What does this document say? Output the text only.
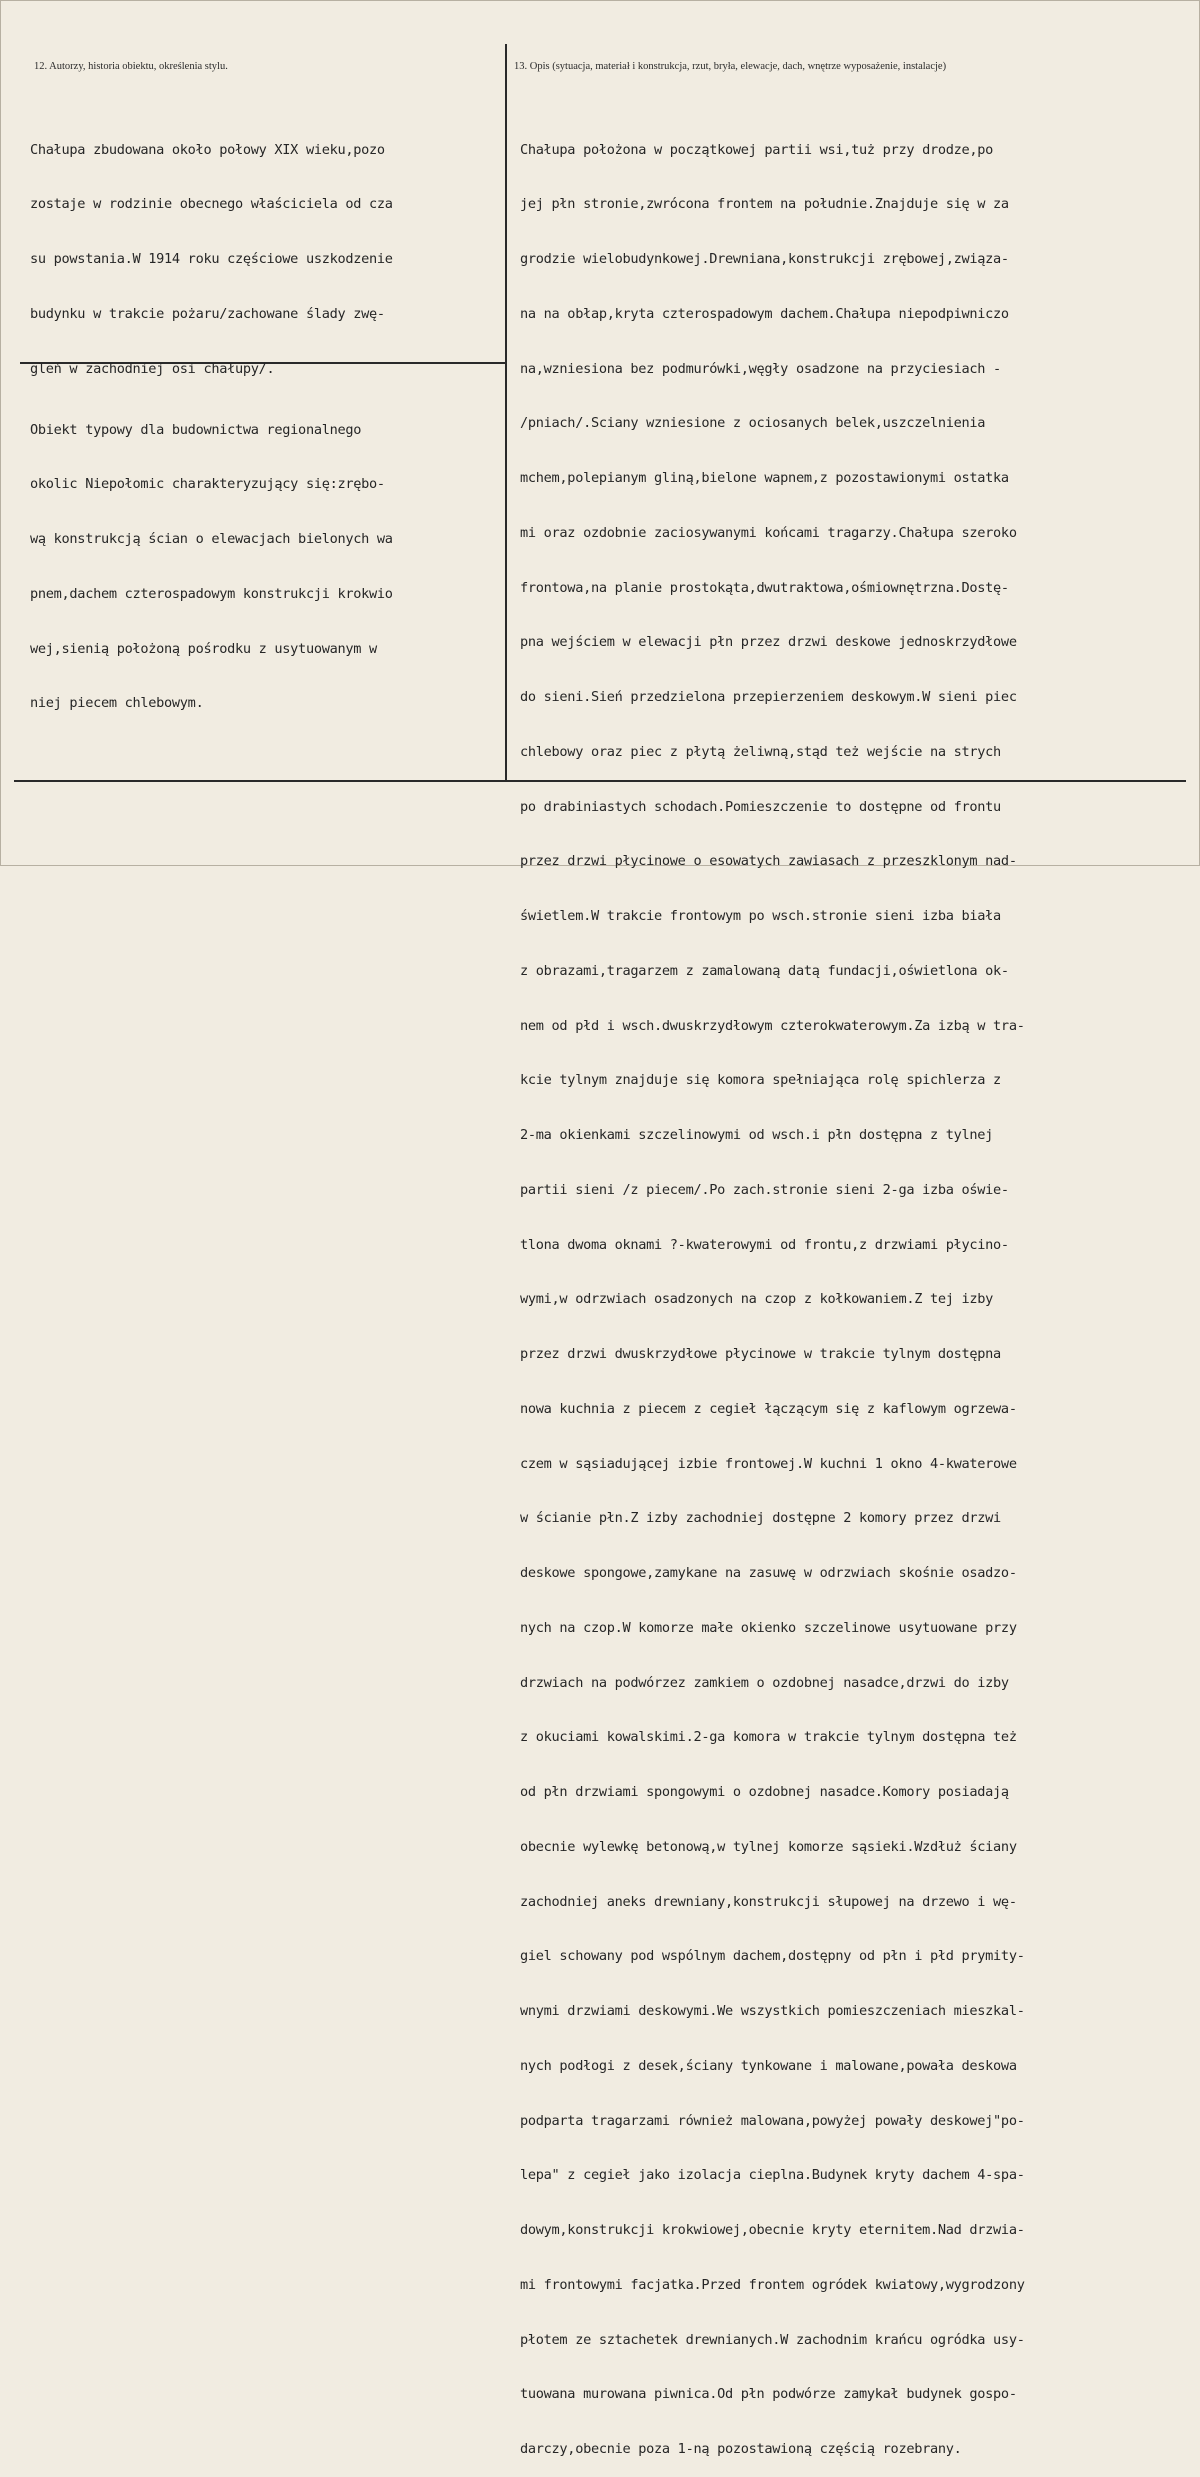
12. Autorzy, historia obiektu, określenia stylu.	13. Opis (sytuacja, materiał i konstrukcja, rzut, bryła, elewacje, dach, wnętrze wyposażenie, instalacje)

Chałupa zbudowana około połowy XIX wieku,pozo

zostaje w rodzinie obecnego właściciela od cza

su powstania.W 1914 roku częściowe uszkodzenie

budynku w trakcie pożaru/zachowane ślady zwę-

gleń w zachodniej osi chałupy/.

Obiekt typowy dla budownictwa regionalnego

okolic Niepołomic charakteryzujący się:zrębo-

wą konstrukcją ścian o elewacjach bielonych wa

pnem,dachem czterospadowym konstrukcji krokwio

wej,sienią położoną pośrodku z usytuowanym w

niej piecem chlebowym.

Chałupa położona w początkowej partii wsi,tuż przy drodze,po

jej płn stronie,zwrócona frontem na południe.Znajduje się w za

grodzie wielobudynkowej.Drewniana,konstrukcji zrębowej,związa-

na na obłap,kryta czterospadowym dachem.Chałupa niepodpiwniczo

na,wzniesiona bez podmurówki,węgły osadzone na przyciesiach -

/pniach/.Sciany wzniesione z ociosanych belek,uszczelnienia

mchem,polepianym gliną,bielone wapnem,z pozostawionymi ostatka

mi oraz ozdobnie zaciosywanymi końcami tragarzy.Chałupa szeroko

frontowa,na planie prostokąta,dwutraktowa,ośmiownętrzna.Dostę-

pna wejściem w elewacji płn przez drzwi deskowe jednoskrzydłowe

do sieni.Sień przedzielona przepierzeniem deskowym.W sieni piec

chlebowy oraz piec z płytą żeliwną,stąd też wejście na strych

po drabiniastych schodach.Pomieszczenie to dostępne od frontu

przez drzwi płycinowe o esowatych zawiasach z przeszklonym nad-

świetlem.W trakcie frontowym po wsch.stronie sieni izba biała

z obrazami,tragarzem z zamalowaną datą fundacji,oświetlona ok-

nem od płd i wsch.dwuskrzydłowym czterokwaterowym.Za izbą w tra-

kcie tylnym znajduje się komora spełniająca rolę spichlerza z

2-ma okienkami szczelinowymi od wsch.i płn dostępna z tylnej

partii sieni /z piecem/.Po zach.stronie sieni 2-ga izba oświe-

tlona dwoma oknami ?-kwaterowymi od frontu,z drzwiami płycino-

wymi,w odrzwiach osadzonych na czop z kołkowaniem.Z tej izby

przez drzwi dwuskrzydłowe płycinowe w trakcie tylnym dostępna

nowa kuchnia z piecem z cegieł łączącym się z kaflowym ogrzewa-

czem w sąsiadującej izbie frontowej.W kuchni 1 okno 4-kwaterowe

w ścianie płn.Z izby zachodniej dostępne 2 komory przez drzwi

deskowe spongowe,zamykane na zasuwę w odrzwiach skośnie osadzo-

nych na czop.W komorze małe okienko szczelinowe usytuowane przy

drzwiach na podwórzez zamkiem o ozdobnej nasadce,drzwi do izby

z okuciami kowalskimi.2-ga komora w trakcie tylnym dostępna też

od płn drzwiami spongowymi o ozdobnej nasadce.Komory posiadają

obecnie wylewkę betonową,w tylnej komorze sąsieki.Wzdłuż ściany

zachodniej aneks drewniany,konstrukcji słupowej na drzewo i wę-

giel schowany pod wspólnym dachem,dostępny od płn i płd prymity-

wnymi drzwiami deskowymi.We wszystkich pomieszczeniach mieszkal-

nych podłogi z desek,ściany tynkowane i malowane,powała deskowa

podparta tragarzami również malowana,powyżej powały deskowej"po-

lepa" z cegieł jako izolacja cieplna.Budynek kryty dachem 4-spa-

dowym,konstrukcji krokwiowej,obecnie kryty eternitem.Nad drzwia-

mi frontowymi facjatka.Przed frontem ogródek kwiatowy,wygrodzony

płotem ze sztachetek drewnianych.W zachodnim krańcu ogródka usy-

tuowana murowana piwnica.Od płn podwórze zamykał budynek gospo-

darczy,obecnie poza 1-ną pozostawioną częścią rozebrany.
